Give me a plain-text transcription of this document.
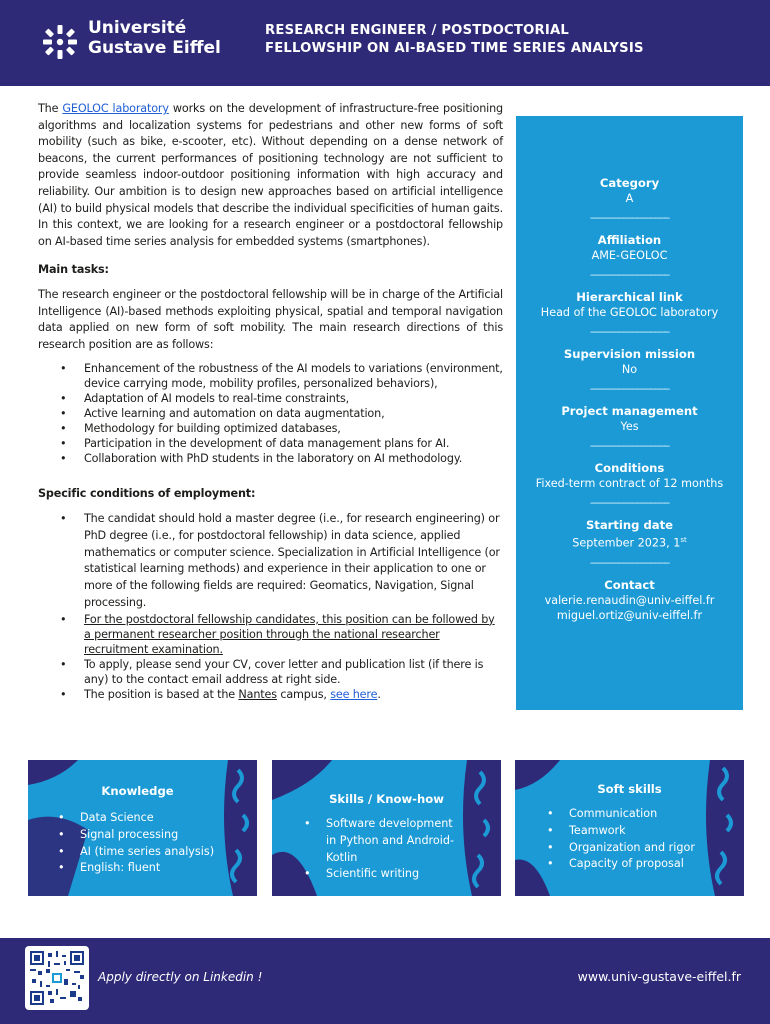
Université
Gustave Eiffel
RESEARCH ENGINEER / POSTDOCTORIAL
FELLOWSHIP ON AI-BASED TIME SERIES ANALYSIS

The GEOLOC laboratory works on the development of infrastructure-free positioning algorithms and localization systems for pedestrians and other new forms of soft mobility (such as bike, e-scooter, etc). Without depending on a dense network of beacons, the current performances of positioning technology are not sufficient to provide seamless indoor-outdoor positioning information with high accuracy and reliability. Our ambition is to design new approaches based on artificial intelligence (AI) to build physical models that describe the individual specificities of human gaits. In this context, we are looking for a research engineer or a postdoctoral fellowship on AI-based time series analysis for embedded systems (smartphones).

Main tasks:

The research engineer or the postdoctoral fellowship will be in charge of the Artificial Intelligence (AI)-based methods exploiting physical, spatial and temporal navigation data applied on new form of soft mobility. The main research directions of this research position are as follows:

• Enhancement of the robustness of the AI models to variations (environment, device carrying mode, mobility profiles, personalized behaviors),
• Adaptation of AI models to real-time constraints,
• Active learning and automation on data augmentation,
• Methodology for building optimized databases,
• Participation in the development of data management plans for AI.
• Collaboration with PhD students in the laboratory on AI methodology.
Specific conditions of employment:
• The candidat should hold a master degree (i.e., for research engineering) or PhD degree (i.e., for postdoctoral fellowship) in data science, applied mathematics or computer science. Specialization in Artificial Intelligence (or statistical learning methods) and experience in their application to one or more of the following fields are required: Geomatics, Navigation, Signal processing.
• For the postdoctoral fellowship candidates, this position can be followed by a permanent researcher position through the national researcher recruitment examination.
• To apply, please send your CV, cover letter and publication list (if there is any) to the contact email address at right side.
• The position is based at the Nantes campus, see here.
Category
A
_________________
Affiliation
AME-GEOLOC
_________________
Hierarchical link
Head of the GEOLOC laboratory
_________________
Supervision mission
No
_________________
Project management
Yes
_________________
Conditions
Fixed-term contract of 12 months
_________________
Starting date
September 2023, 1st
_________________
Contact
valerie.renaudin@univ-eiffel.fr
miguel.ortiz@univ-eiffel.fr
Knowledge
• Data Science
• Signal processing
• AI (time series analysis)
• English: fluent
Skills / Know-how
• Software development in Python and Android-Kotlin
• Scientific writing
Soft skills
• Communication
• Teamwork
• Organization and rigor
• Capacity of proposal
Apply directly on Linkedin !	www.univ-gustave-eiffel.fr
